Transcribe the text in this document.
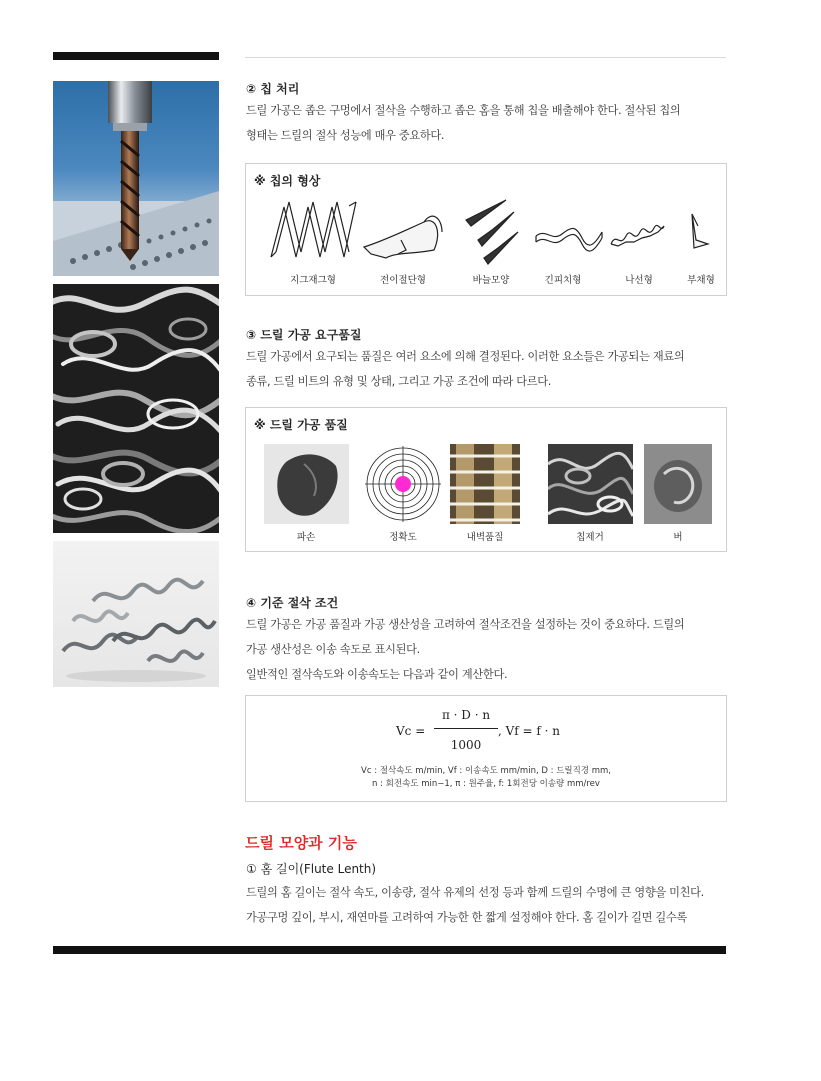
② 칩 처리
드릴 가공은 좁은 구멍에서 절삭을 수행하고 좁은 홈을 통해 칩을 배출해야 한다. 절삭된 칩의
형태는 드릴의 절삭 성능에 매우 중요하다.
※ 칩의 형상
지그재그형	전이절단형	바늘모양	긴피치형	나선형	부채형
③ 드릴 가공 요구품질
드릴 가공에서 요구되는 품질은 여러 요소에 의해 결정된다. 이러한 요소들은 가공되는 재료의
종류, 드릴 비트의 유형 및 상태, 그리고 가공 조건에 따라 다르다.
※ 드릴 가공 품질
파손	정확도	내벽품질	칩제거	버
④ 기준 절삭 조건
드릴 가공은 가공 품질과 가공 생산성을 고려하여 절삭조건을 설정하는 것이 중요하다. 드릴의
가공 생산성은 이송 속도로 표시된다.
일반적인 절삭속도와 이송속도는 다음과 같이 계산한다.
Vc =
π · D · n
1000
, Vf = f · n
Vc : 절삭속도 m/min, Vf : 이송속도 mm/min, D : 드릴직경 mm,
n : 회전속도 min−1, π : 원주율, f: 1회전당 이송량 mm/rev
드릴 모양과 기능
① 홈 길이(Flute Lenth)
드릴의 홈 길이는 절삭 속도, 이송량, 절삭 유제의 선정 등과 함께 드릴의 수명에 큰 영향을 미친다.
가공구멍 깊이, 부시, 재연마를 고려하여 가능한 한 짧게 설정해야 한다. 홈 길이가 길면 길수록
